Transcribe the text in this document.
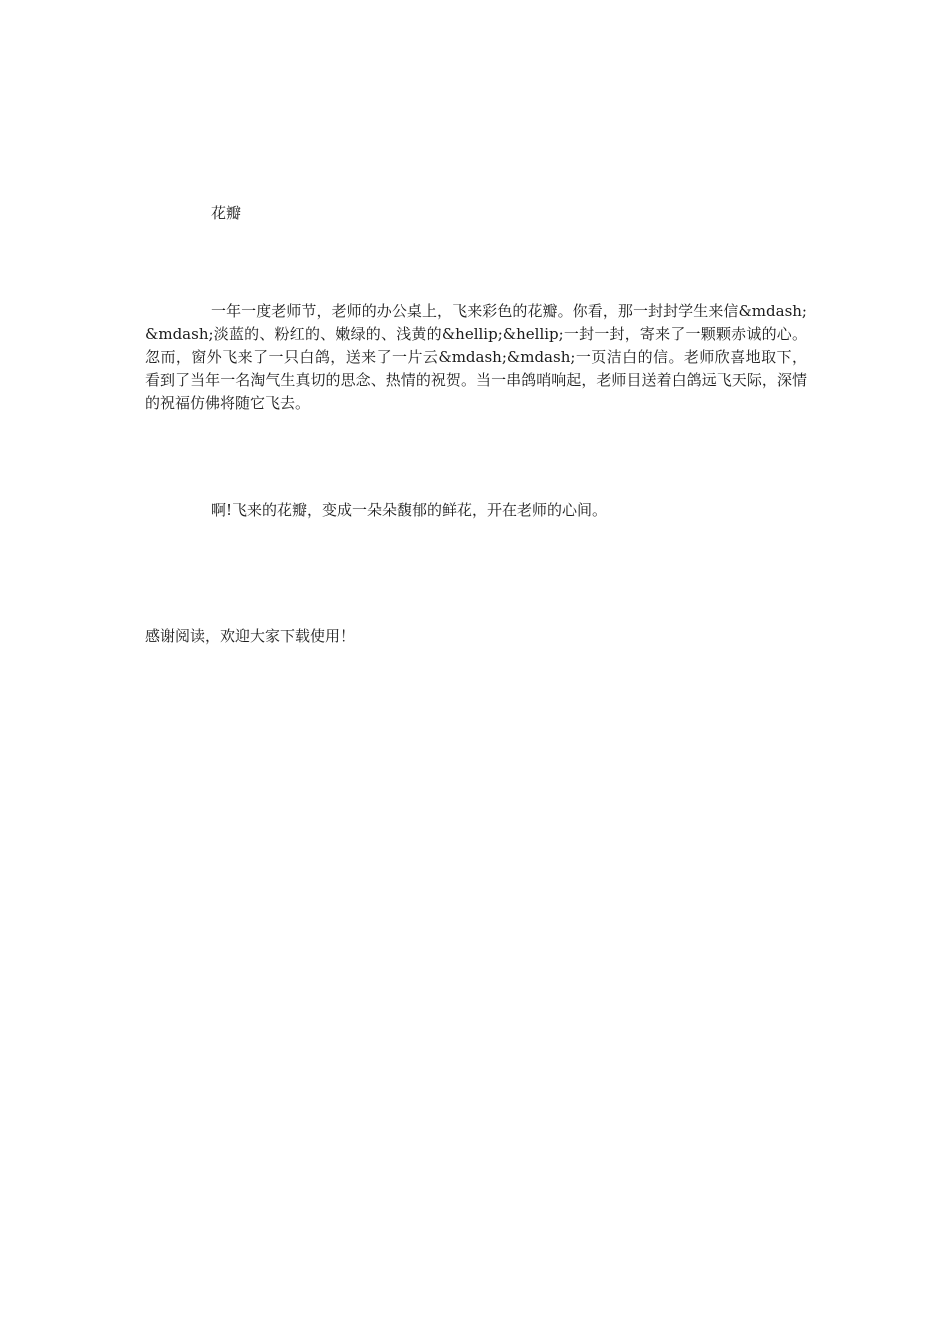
花瓣

一年一度老师节，老师的办公桌上，飞来彩色的花瓣。你看，那一封封学生来信&mdash;&mdash;淡蓝的、粉红的、嫩绿的、浅黄的&hellip;&hellip;一封一封，寄来了一颗颗赤诚的心。忽而，窗外飞来了一只白鸽，送来了一片云&mdash;&mdash;一页洁白的信。老师欣喜地取下，看到了当年一名淘气生真切的思念、热情的祝贺。当一串鸽哨响起，老师目送着白鸽远飞天际，深情的祝福仿佛将随它飞去。

啊!飞来的花瓣，变成一朵朵馥郁的鲜花，开在老师的心间。

感谢阅读，欢迎大家下载使用！
